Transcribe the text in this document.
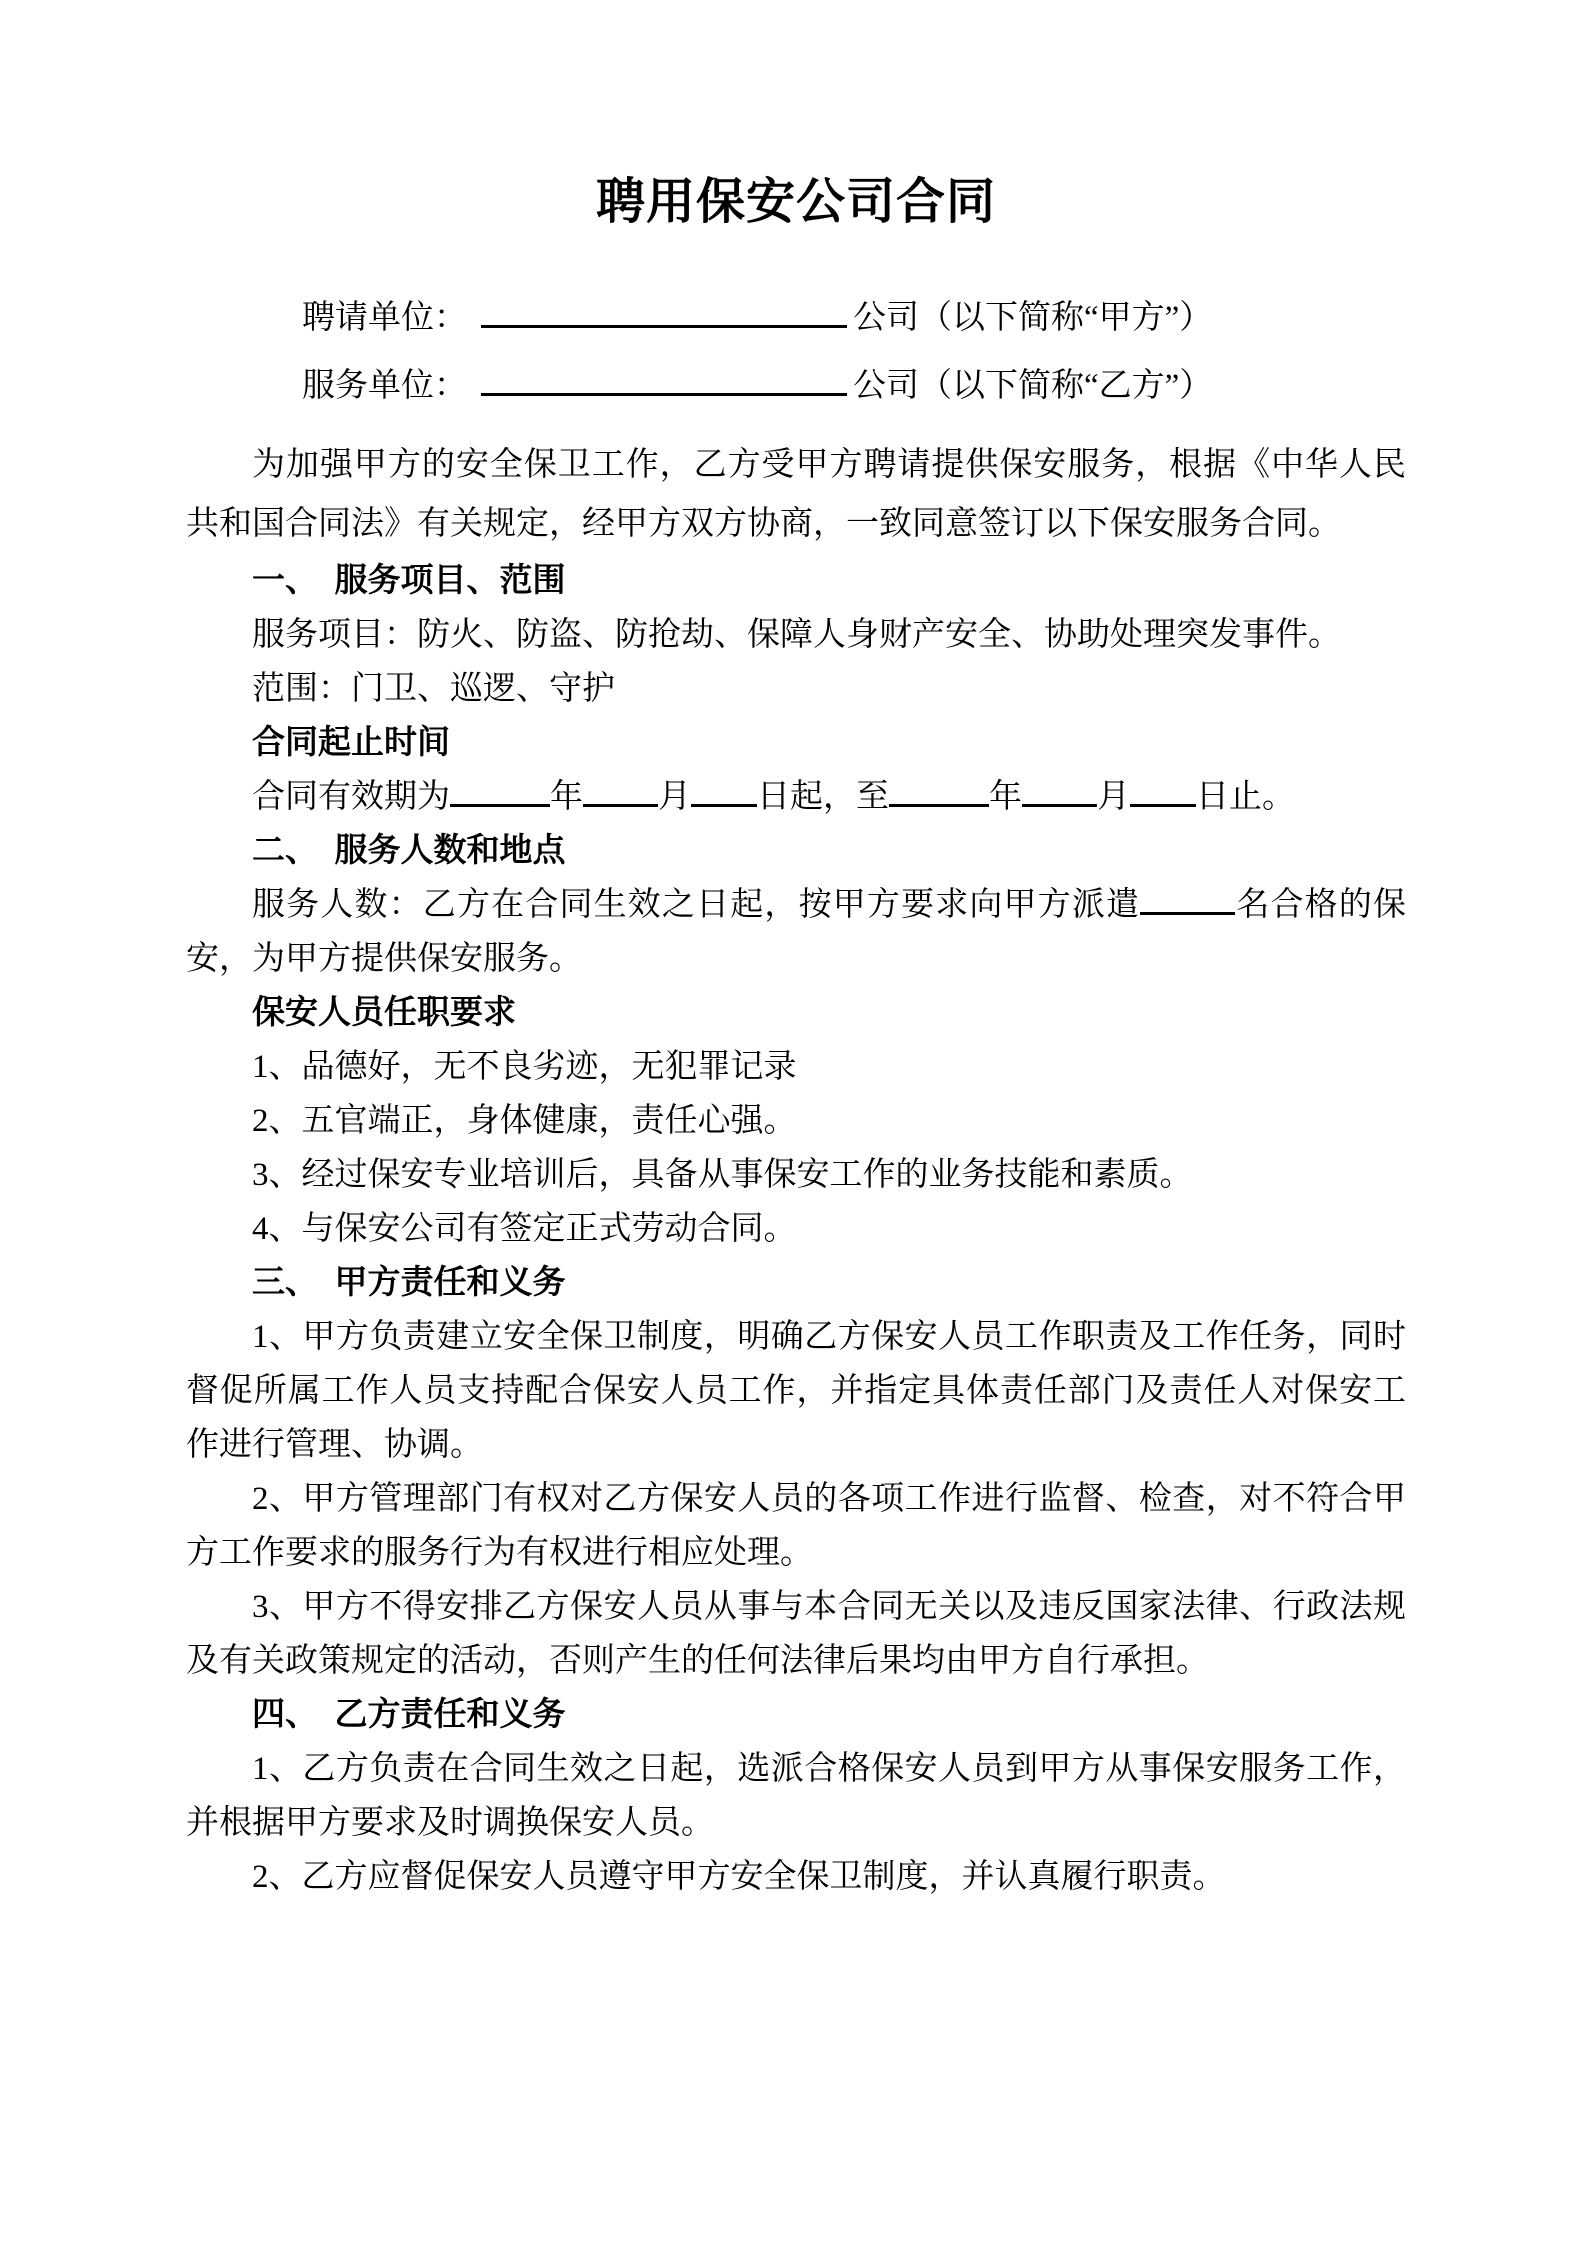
聘用保安公司合同
聘请单位：	公司（以下简称“甲方”）
服务单位：	公司（以下简称“乙方”）

为加强甲方的安全保卫工作，乙方受甲方聘请提供保安服务，根据《中华人民共和国合同法》有关规定，经甲方双方协商，一致同意签订以下保安服务合同。

一、　服务项目、范围

服务项目：防火、防盗、防抢劫、保障人身财产安全、协助处理突发事件。

范围：门卫、巡逻、守护

合同起止时间

合同有效期为	年 月 日起，至	年 月 日止。

二、　服务人数和地点

服务人数：乙方在合同生效之日起，按甲方要求向甲方派遣	名合格的保安，为甲方提供保安服务。

保安人员任职要求

1、品德好，无不良劣迹，无犯罪记录

2、五官端正，身体健康，责任心强。

3、经过保安专业培训后，具备从事保安工作的业务技能和素质。

4、与保安公司有签定正式劳动合同。

三、　甲方责任和义务

1、甲方负责建立安全保卫制度，明确乙方保安人员工作职责及工作任务，同时督促所属工作人员支持配合保安人员工作，并指定具体责任部门及责任人对保安工作进行管理、协调。

2、甲方管理部门有权对乙方保安人员的各项工作进行监督、检查，对不符合甲方工作要求的服务行为有权进行相应处理。

3、甲方不得安排乙方保安人员从事与本合同无关以及违反国家法律、行政法规及有关政策规定的活动，否则产生的任何法律后果均由甲方自行承担。

四、　乙方责任和义务

1、乙方负责在合同生效之日起，选派合格保安人员到甲方从事保安服务工作，并根据甲方要求及时调换保安人员。

2、乙方应督促保安人员遵守甲方安全保卫制度，并认真履行职责。
